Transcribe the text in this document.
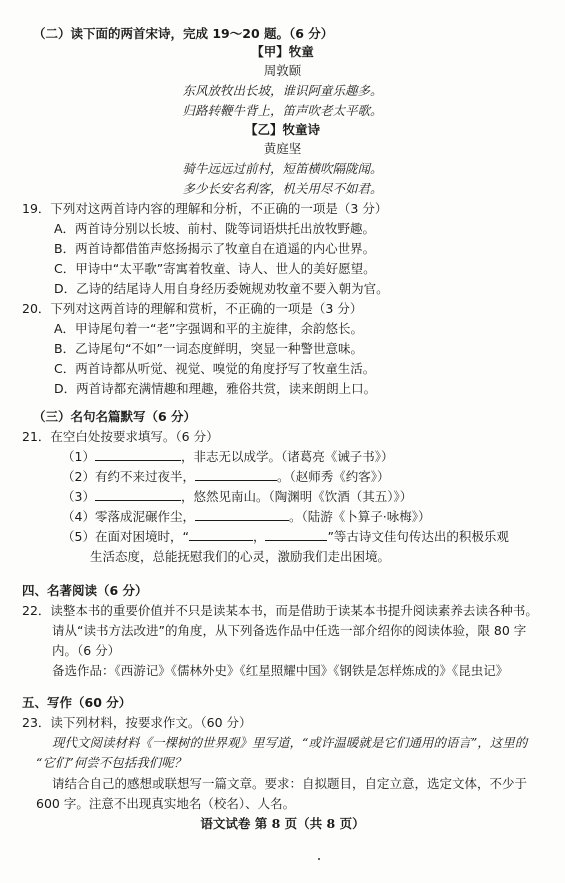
（二）读下面的两首宋诗，完成 19～20 题。（6 分）
【甲】牧童
周敦颐
东风放牧出长坡，谁识阿童乐趣多。
归路转鞭牛背上，笛声吹老太平歌。
【乙】牧童诗
黄庭坚
骑牛远远过前村，短笛横吹隔陇闻。
多少长安名利客，机关用尽不如君。
19．下列对这两首诗内容的理解和分析，不正确的一项是（3 分）
A．两首诗分别以长坡、前村、陇等词语烘托出放牧野趣。
B．两首诗都借笛声悠扬揭示了牧童自在逍遥的内心世界。
C．甲诗中“太平歌”寄寓着牧童、诗人、世人的美好愿望。
D．乙诗的结尾诗人用自身经历委婉规劝牧童不要入朝为官。
20．下列对这两首诗的理解和赏析，不正确的一项是（3 分）
A．甲诗尾句着一“老”字强调和平的主旋律，余韵悠长。
B．乙诗尾句“不如”一词态度鲜明，突显一种警世意味。
C．两首诗都从听觉、视觉、嗅觉的角度抒写了牧童生活。
D．两首诗都充满情趣和理趣，雅俗共赏，读来朗朗上口。
（三）名句名篇默写（6 分）
21．在空白处按要求填写。（6 分）
（1）	，非志无以成学。（诸葛亮《诫子书》）
（2）有约不来过夜半，	。（赵师秀《约客》）
（3）	，悠然见南山。（陶渊明《饮酒（其五）》）
（4）零落成泥碾作尘，	。（陆游《卜算子·咏梅》）
（5）在面对困境时，“	，	”等古诗文佳句传达出的积极乐观
生活态度，总能抚慰我们的心灵，激励我们走出困境。
四、名著阅读（6 分）
22．读整本书的重要价值并不只是读某本书，而是借助于读某本书提升阅读素养去读各种书。
请从“读书方法改进”的角度，从下列备选作品中任选一部介绍你的阅读体验，限 80 字
内。（6 分）
备选作品：《西游记》《儒林外史》《红星照耀中国》《钢铁是怎样炼成的》《昆虫记》
五、写作（60 分）
23．读下列材料，按要求作文。（60 分）
现代文阅读材料《一棵树的世界观》里写道，“或许温暖就是它们通用的语言”，这里的
“它们”何尝不包括我们呢？
请结合自己的感想或联想写一篇文章。要求：自拟题目，自定立意，选定文体，不少于
600 字。注意不出现真实地名（校名）、人名。
语文试卷 第 8 页（共 8 页）
